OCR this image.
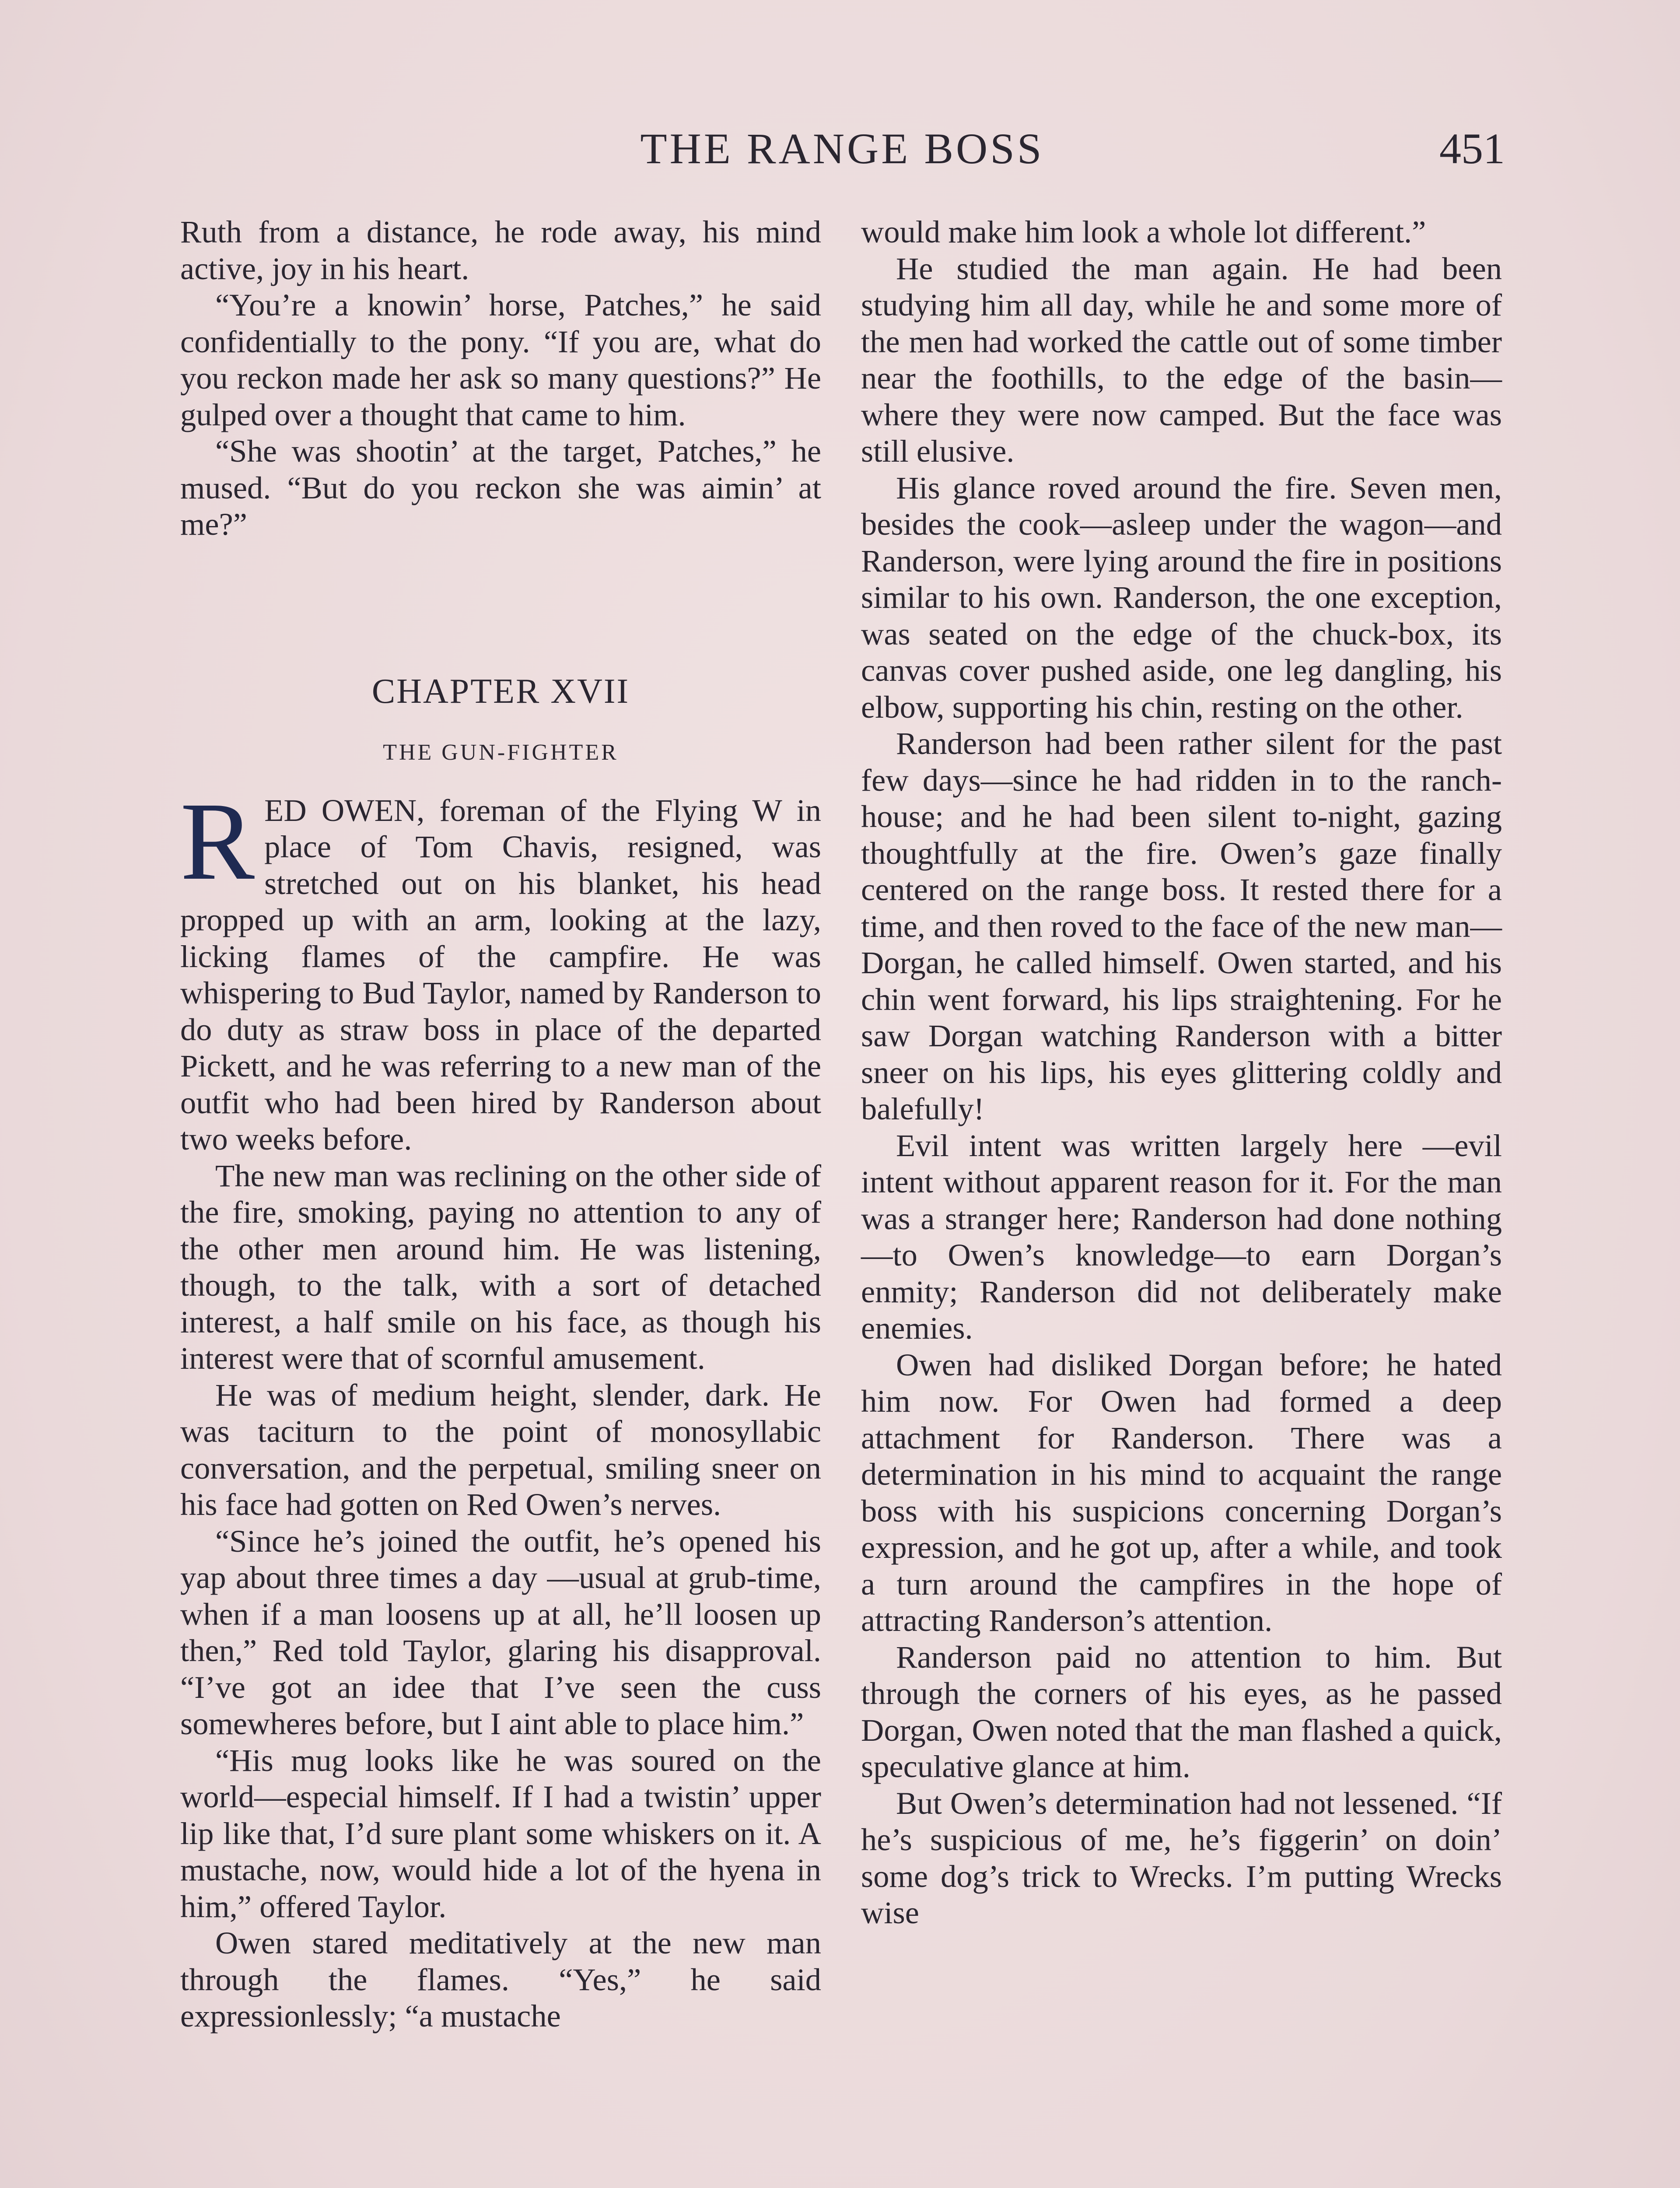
THE RANGE BOSS	451

Ruth from a distance, he rode away, his mind active, joy in his heart.

“You’re a knowin’ horse, Patches,” he said confidentially to the pony. “If you are, what do you reckon made her ask so many questions?” He gulped over a thought that came to him.

“She was shootin’ at the target, Patches,” he mused. “But do you reckon she was aimin’ at me?”

CHAPTER XVII
THE GUN-FIGHTER

RED OWEN, foreman of the Flying W in place of Tom Chavis, resigned, was stretched out on his blanket, his head propped up with an arm, looking at the lazy, licking flames of the campfire. He was whispering to Bud Taylor, named by Randerson to do duty as straw boss in place of the departed Pickett, and he was referring to a new man of the outfit who had been hired by Randerson about two weeks before.

The new man was reclining on the other side of the fire, smoking, paying no attention to any of the other men around him. He was listening, though, to the talk, with a sort of detached interest, a half smile on his face, as though his interest were that of scornful amusement.

He was of medium height, slender, dark. He was taciturn to the point of monosyllabic conversation, and the perpetual, smiling sneer on his face had gotten on Red Owen’s nerves.

“Since he’s joined the outfit, he’s opened his yap about three times a day —usual at grub-time, when if a man loosens up at all, he’ll loosen up then,” Red told Taylor, glaring his disapproval. “I’ve got an idee that I’ve seen the cuss somewheres before, but I aint able to place him.”

“His mug looks like he was soured on the world—especial himself. If I had a twistin’ upper lip like that, I’d sure plant some whiskers on it. A mustache, now, would hide a lot of the hyena in him,” offered Taylor.

Owen stared meditatively at the new man through the flames. “Yes,” he said expressionlessly; “a mustache

would make him look a whole lot different.”

He studied the man again. He had been studying him all day, while he and some more of the men had worked the cattle out of some timber near the foothills, to the edge of the basin— where they were now camped. But the face was still elusive.

His glance roved around the fire. Seven men, besides the cook—asleep under the wagon—and Randerson, were lying around the fire in positions similar to his own. Randerson, the one exception, was seated on the edge of the chuck-box, its canvas cover pushed aside, one leg dangling, his elbow, supporting his chin, resting on the other.

Randerson had been rather silent for the past few days—since he had ridden in to the ranch-house; and he had been silent to-night, gazing thoughtfully at the fire. Owen’s gaze finally centered on the range boss. It rested there for a time, and then roved to the face of the new man—Dorgan, he called himself. Owen started, and his chin went forward, his lips straightening. For he saw Dorgan watching Randerson with a bitter sneer on his lips, his eyes glittering coldly and balefully!

Evil intent was written largely here —evil intent without apparent reason for it. For the man was a stranger here; Randerson had done nothing—to Owen’s knowledge—to earn Dorgan’s enmity; Randerson did not deliberately make enemies.

Owen had disliked Dorgan before; he hated him now. For Owen had formed a deep attachment for Randerson. There was a determination in his mind to acquaint the range boss with his suspicions concerning Dorgan’s expression, and he got up, after a while, and took a turn around the campfires in the hope of attracting Randerson’s attention.

Randerson paid no attention to him. But through the corners of his eyes, as he passed Dorgan, Owen noted that the man flashed a quick, speculative glance at him.

But Owen’s determination had not lessened. “If he’s suspicious of me, he’s figgerin’ on doin’ some dog’s trick to Wrecks. I’m putting Wrecks wise
